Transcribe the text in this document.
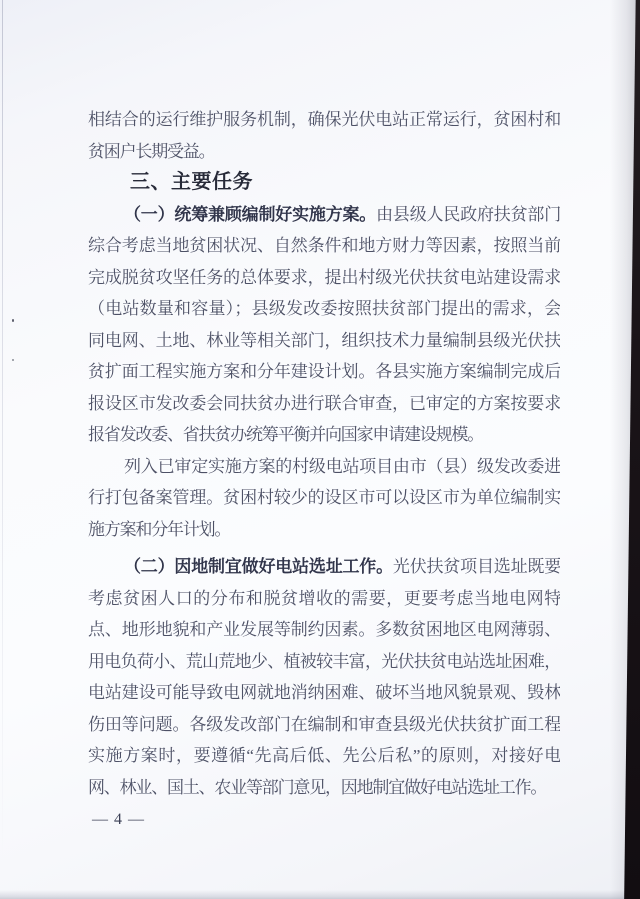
相结合的运行维护服务机制，确保光伏电站正常运行，贫困村和
贫困户长期受益。
三、主要任务
（一）统筹兼顾编制好实施方案。由县级人民政府扶贫部门
综合考虑当地贫困状况、自然条件和地方财力等因素，按照当前
完成脱贫攻坚任务的总体要求，提出村级光伏扶贫电站建设需求
（电站数量和容量）；县级发改委按照扶贫部门提出的需求，会
同电网、土地、林业等相关部门，组织技术力量编制县级光伏扶
贫扩面工程实施方案和分年建设计划。各县实施方案编制完成后
报设区市发改委会同扶贫办进行联合审查，已审定的方案按要求
报省发改委、省扶贫办统筹平衡并向国家申请建设规模。
列入已审定实施方案的村级电站项目由市（县）级发改委进
行打包备案管理。贫困村较少的设区市可以设区市为单位编制实
施方案和分年计划。
（二）因地制宜做好电站选址工作。光伏扶贫项目选址既要
考虑贫困人口的分布和脱贫增收的需要，更要考虑当地电网特
点、地形地貌和产业发展等制约因素。多数贫困地区电网薄弱、
用电负荷小、荒山荒地少、植被较丰富，光伏扶贫电站选址困难，
电站建设可能导致电网就地消纳困难、破坏当地风貌景观、毁林
伤田等问题。各级发改部门在编制和审查县级光伏扶贫扩面工程
实施方案时，要遵循“先高后低、先公后私”的原则，对接好电
网、林业、国土、农业等部门意见，因地制宜做好电站选址工作。
— 4 —
